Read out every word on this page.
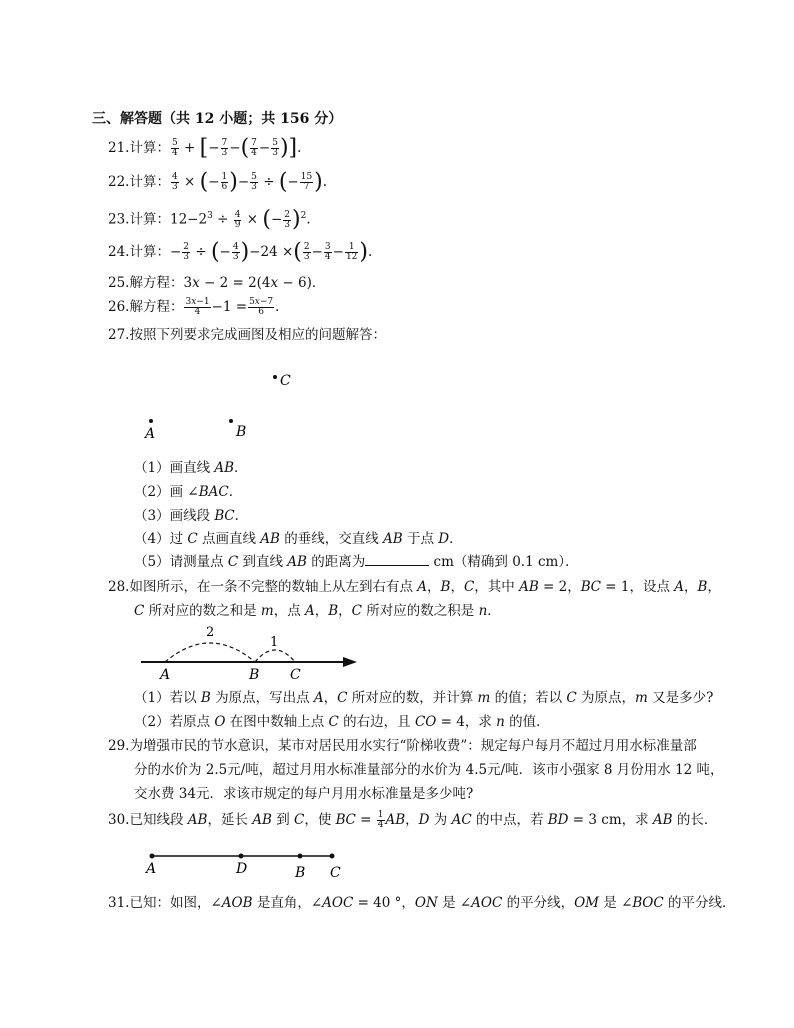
三、解答题（共 12 小题；共 156 分）
21.计算： $\frac{5}{4}$ + [− $\frac{7}{3}$ −( $\frac{7}{4} - \frac{5}{3}$ )].
22.计算： $\frac{4}{3}$ × (− $\frac{1}{6}$ )− $\frac{5}{3}$ ÷ (− $\frac{15}{7}$ ).
23.计算：$12-2^3 \div \frac{4}{9}$ × (− $\frac{2}{3} )^2$.
24.计算：− $\frac{2}{3}$ ÷ (− $\frac{4}{3} )-24$ ×( $\frac{2}{3} - \frac{3}{4} - \frac{1}{12}$ ).
25.解方程：3𝑥 − 2 = 2(4𝑥 − 6)．
26.解方程： $\frac{\text{3𝑥−1}}{4} -1 = \frac{\text{5𝑥−7}}{6}$ ．
27.按照下列要求完成画图及相应的问题解答：
C
A	B
（1）画直线 𝐴𝐵．
（2）画 ∠𝐵𝐴𝐶．
（3）画线段 𝐵𝐶．
（4）过 𝐶 点画直线 𝐴𝐵 的垂线，交直线 𝐴𝐵 于点 𝐷．
（5）请测量点 𝐶 到直线 𝐴𝐵 的距离为	cm（精确到 0.1 cm）．
28.如图所示，在一条不完整的数轴上从左到右有点 𝐴，𝐵，𝐶，其中 𝐴𝐵 = 2，𝐵𝐶 = 1，设点 𝐴，𝐵，
𝐶 所对应的数之和是 𝑚，点 𝐴，𝐵，𝐶 所对应的数之积是 𝑛．
2
1
A	B C
（1）若以 𝐵 为原点，写出点 𝐴，𝐶 所对应的数，并计算 𝑚 的值；若以 𝐶 为原点，𝑚 又是多少?
（2）若原点 𝑂 在图中数轴上点 𝐶 的右边，且 𝐶𝑂 = 4，求 𝑛 的值．
29.为增强市民的节水意识，某市对居民用水实行“阶梯收费”：规定每户每月不超过月用水标准量部
分的水价为 2.5元/吨，超过月用水标准量部分的水价为 4.5元/吨．该市小强家 8 月份用水 12 吨，
交水费 34元．求该市规定的每户月用水标准量是多少吨?
30.已知线段 𝐴𝐵，延长 𝐴𝐵 到 𝐶，使 𝐵𝐶 = $\frac{1}{4}$ 𝐴𝐵，𝐷 为 𝐴𝐶 的中点，若 𝐵𝐷 = 3 cm，求 𝐴𝐵 的长．
A	D	B C
31.已知：如图，∠𝐴𝑂𝐵 是直角，∠𝐴𝑂𝐶 = 40 °，𝑂𝑁 是 ∠𝐴𝑂𝐶 的平分线，𝑂𝑀 是 ∠𝐵𝑂𝐶 的平分线．
